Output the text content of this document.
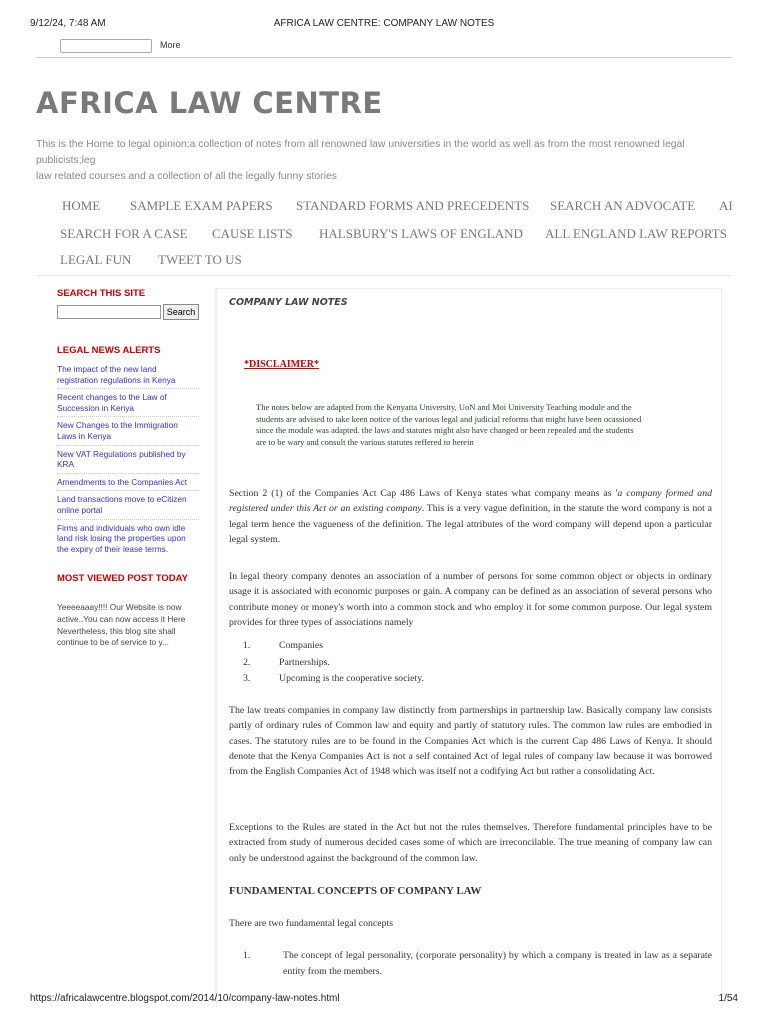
9/12/24, 7:48 AM	AFRICA LAW CENTRE: COMPANY LAW NOTES
More
AFRICA LAW CENTRE
This is the Home to legal opinion;a collection of notes from all renowned law universities in the world as well as from the most renowned legal publicists;leg
law related courses and a collection of all the legally funny stories
HOME SAMPLE EXAM PAPERS STANDARD FORMS AND PRECEDENTS SEARCH AN ADVOCATE AI
SEARCH FOR A CASE CAUSE LISTS HALSBURY'S LAWS OF ENGLAND ALL ENGLAND LAW REPORTS
LEGAL FUN TWEET TO US
SEARCH THIS SITE
Search
LEGAL NEWS ALERTS
The impact of the new land registration regulations in Kenya
Recent changes to the Law of Succession in Kenya
New Changes to the Immigration Laws in Kenya
New VAT Regulations published by KRA
Amendments to the Companies Act
Land transactions move to eCitizen online portal
Firms and individuals who own idle land risk losing the properties upon the expiry of their lease terms.
MOST VIEWED POST TODAY
Yeeeeaaay!!!! Our Website is now
active..You can now access it Here
Nevertheless, this blog site shall
continue to be of service to y...
COMPANY LAW NOTES
*DISCLAIMER*
The notes below are adapted from the Kenyatta University, UoN and Moi University Teaching module and the
students are advised to take keen notice of the various legal and judicial reforms that might have been ocassioned
since the module was adapted. the laws and statutes might also have changed or been repealed and the students
are to be wary and consult the various statutes reffered to herein

Section 2 (1) of the Companies Act Cap 486 Laws of Kenya states what company means as 'a company formed and registered under this Act or an existing company. This is a very vague definition, in the statute the word company is not a legal term hence the vagueness of the definition. The legal attributes of the word company will depend upon a particular legal system.

In legal theory company denotes an association of a number of persons for some common object or objects in ordinary usage it is associated with economic purposes or gain. A company can be defined as an association of several persons who contribute money or money's worth into a common stock and who employ it for some common purpose. Our legal system provides for three types of associations namely

1.	Companies
2.	Partnerships.
3.	Upcoming is the cooperative society.

The law treats companies in company law distinctly from partnerships in partnership law. Basically company law consists partly of ordinary rules of Common law and equity and partly of statutory rules. The common law rules are embodied in cases. The statutory rules are to be found in the Companies Act which is the current Cap 486 Laws of Kenya. It should denote that the Kenya Companies Act is not a self contained Act of legal rules of company law because it was borrowed from the English Companies Act of 1948 which was itself not a codifying Act but rather a consolidating Act.

Exceptions to the Rules are stated in the Act but not the rules themselves. Therefore fundamental principles have to be extracted from study of numerous decided cases some of which are irreconcilable. The true meaning of company law can only be understood against the background of the common law.

FUNDAMENTAL CONCEPTS OF COMPANY LAW

There are two fundamental legal concepts

1.	The concept of legal personality, (corporate personality) by which a company is treated in law as a separate entity from the members.
https://africalawcentre.blogspot.com/2014/10/company-law-notes.html	1/54
